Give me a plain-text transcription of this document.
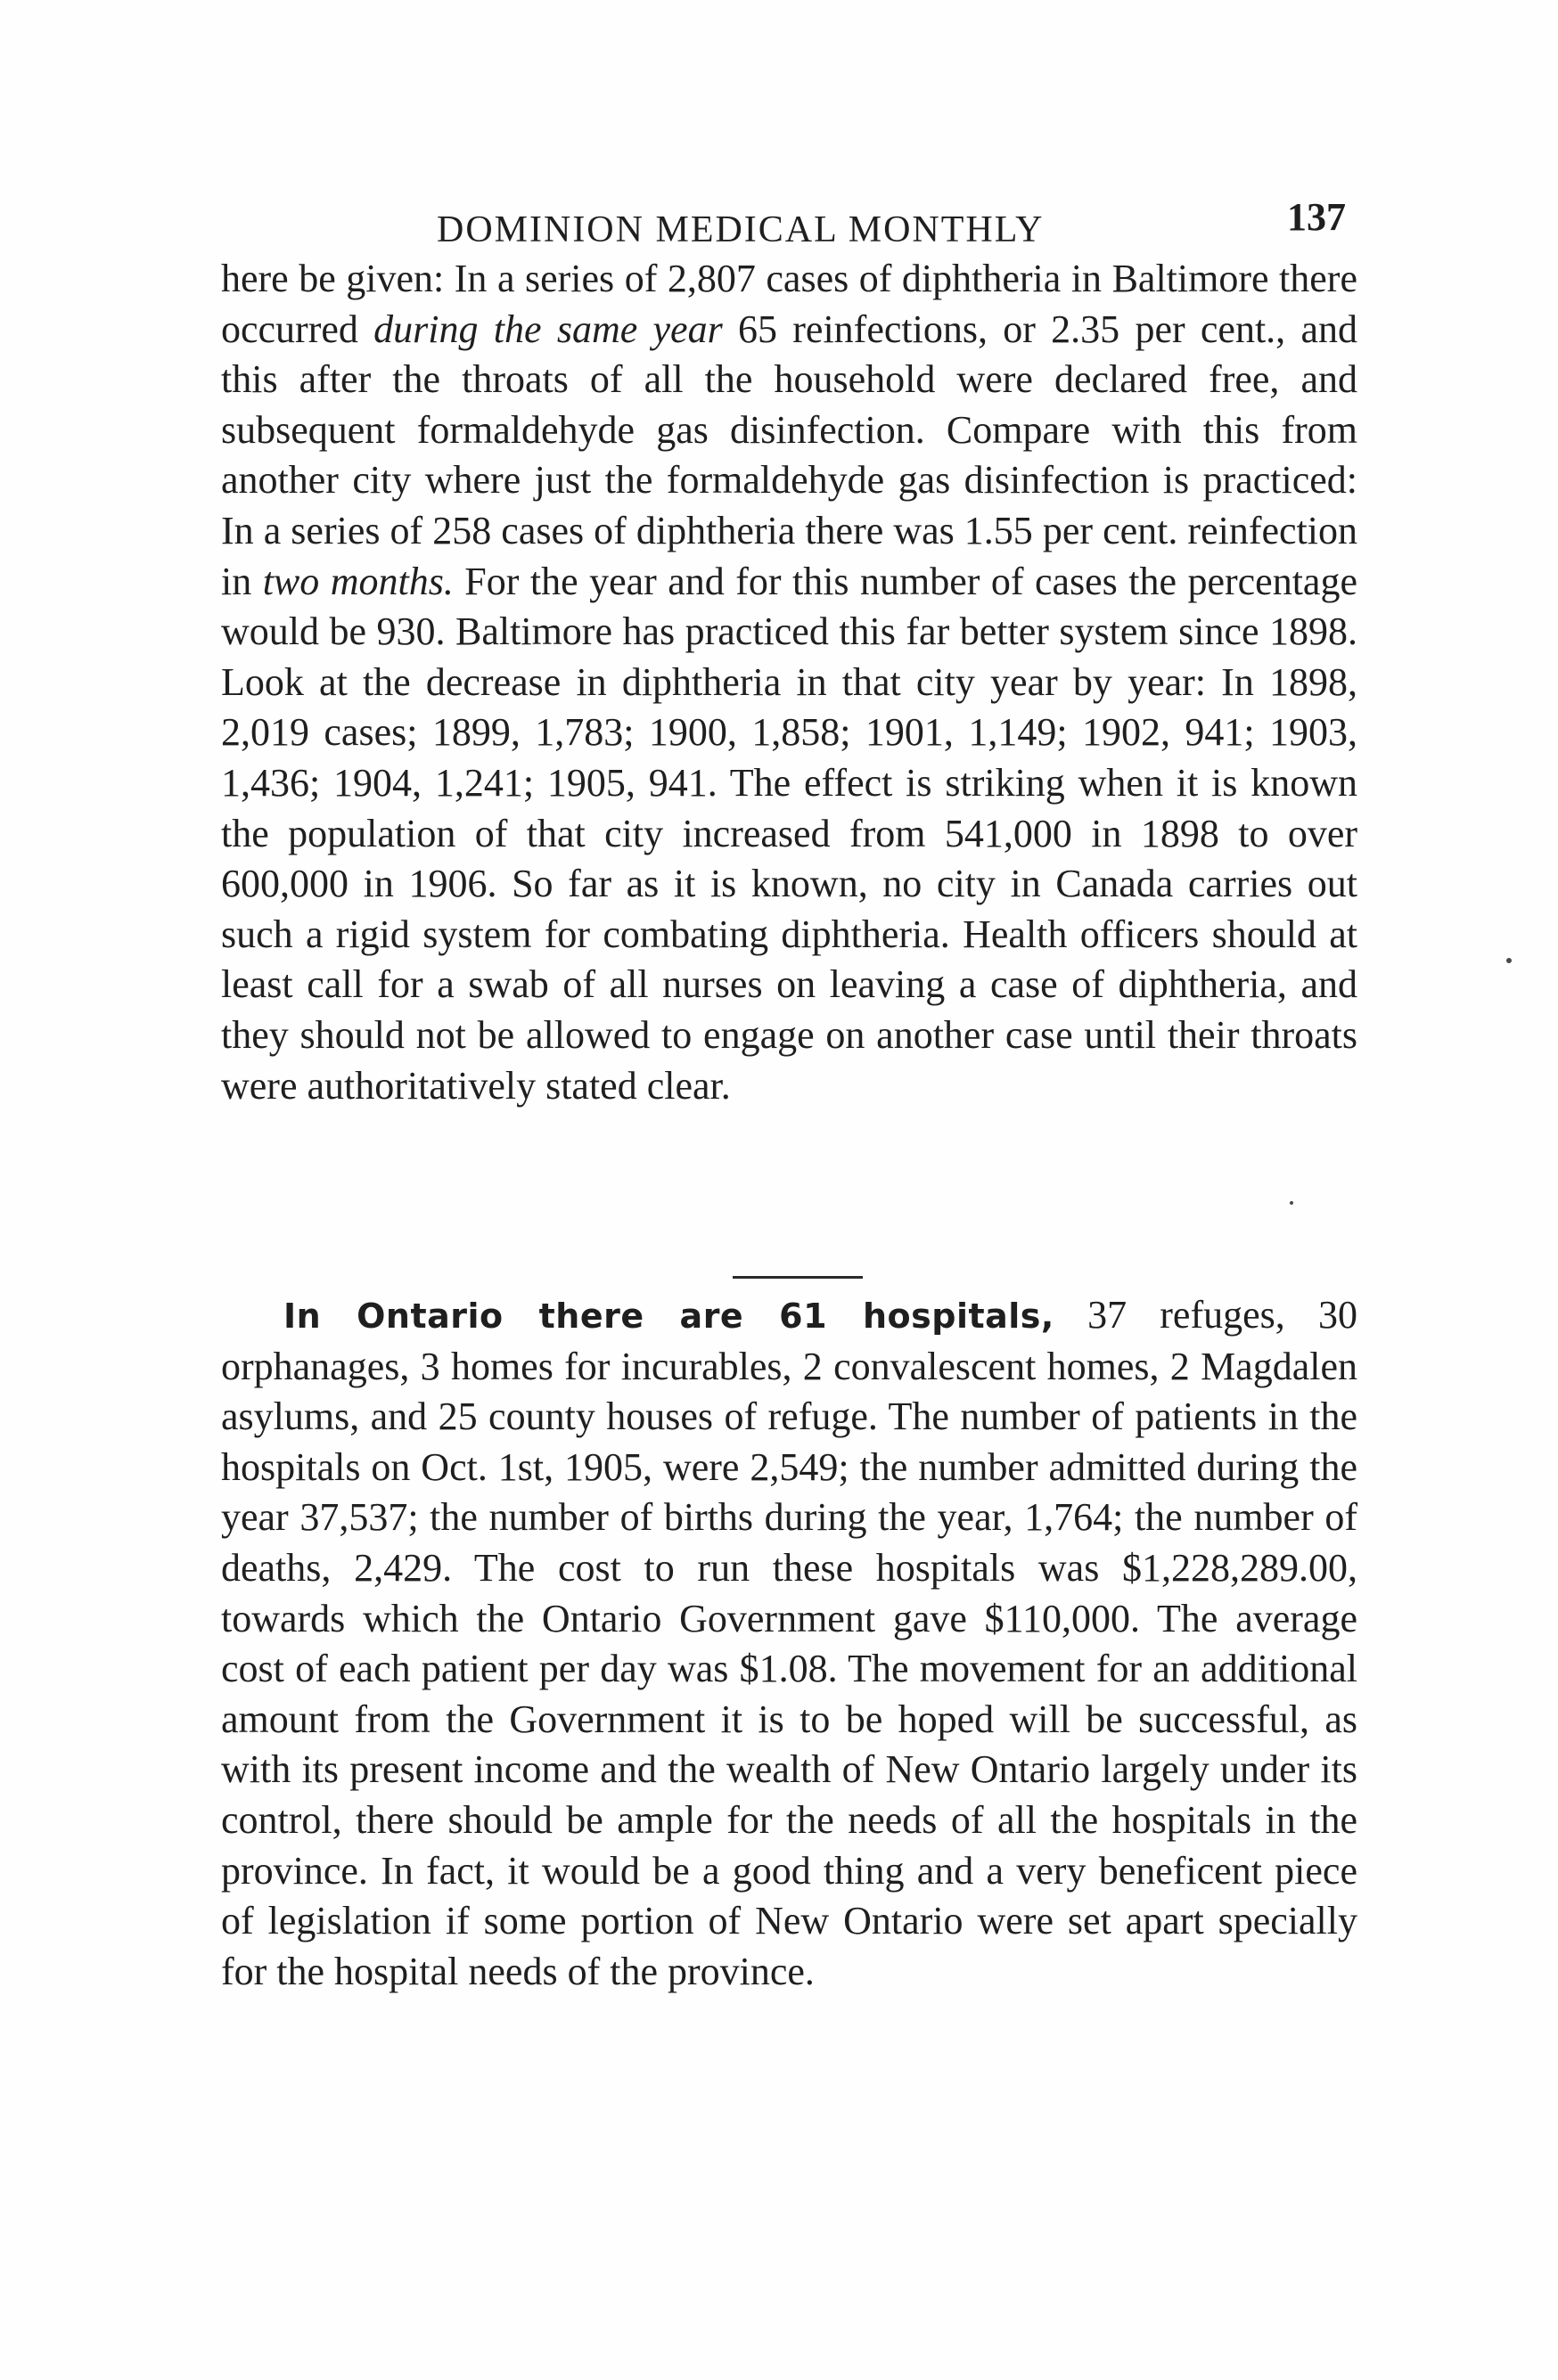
DOMINION MEDICAL MONTHLY	137

here be given: In a series of 2,807 cases of diphtheria in Baltimore there occurred during the same year 65 reinfections, or 2.35 per cent., and this after the throats of all the household were declared free, and subsequent formaldehyde gas disinfection. Compare with this from another city where just the formaldehyde gas disinfection is practiced: In a series of 258 cases of diphtheria there was 1.55 per cent. reinfection in two months. For the year and for this number of cases the percentage would be 930. Baltimore has practiced this far better system since 1898. Look at the decrease in diphtheria in that city year by year: In 1898, 2,019 cases; 1899, 1,783; 1900, 1,858; 1901, 1,149; 1902, 941; 1903, 1,436; 1904, 1,241; 1905, 941. The effect is striking when it is known the population of that city increased from 541,000 in 1898 to over 600,000 in 1906. So far as it is known, no city in Canada carries out such a rigid system for combating diphtheria. Health officers should at least call for a swab of all nurses on leaving a case of diphtheria, and they should not be allowed to engage on another case until their throats were authoritatively stated clear.

In Ontario there are 61 hospitals, 37 refuges, 30 orphanages, 3 homes for incurables, 2 convalescent homes, 2 Magdalen asylums, and 25 county houses of refuge. The number of patients in the hospitals on Oct. 1st, 1905, were 2,549; the number admitted during the year 37,537; the number of births during the year, 1,764; the number of deaths, 2,429. The cost to run these hospitals was $1,228,289.00, towards which the Ontario Government gave $110,000. The average cost of each patient per day was $1.08. The movement for an additional amount from the Government it is to be hoped will be successful, as with its present income and the wealth of New Ontario largely under its control, there should be ample for the needs of all the hospitals in the province. In fact, it would be a good thing and a very beneficent piece of legislation if some portion of New Ontario were set apart specially for the hospital needs of the province.
